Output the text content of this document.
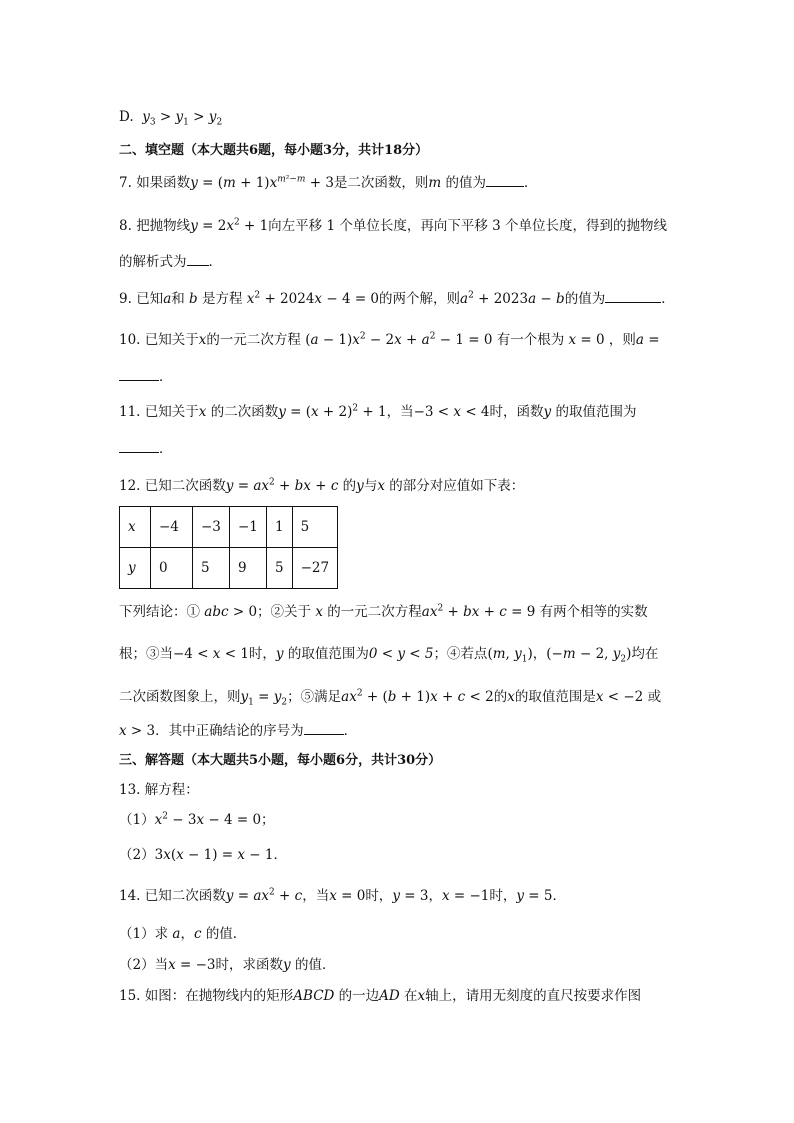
D. $y_3 > y_1 > y_2$
二、填空题（本大题共6题，每小题3分，共计18分）
7. 如果函数$y = (m + 1)x^{m^2-m} + 3$是二次函数，则m 的值为	．
8. 把抛物线$y = 2x^2 + 1$向左平移 1 个单位长度，再向下平移 3 个单位长度，得到的抛物线
的解析式为 ．
9. 已知a和 b 是方程 $x^2 + 2024x - 4 = 0$的两个解，则$a^2 + 2023a - b$的值为	．
10. 已知关于x的一元二次方程 $(a - 1)x^2 - 2x + a^2 - 1 = 0$ 有一个根为 x = 0 ，则a =
．
11. 已知关于x 的二次函数$y = (x + 2)^2 + 1$，当−3 < x < 4时，函数y 的取值范围为
．
12. 已知二次函数$y = ax^2$ + bx + c 的y与x 的部分对应值如下表：
x	−4	−3	−1	1	5
y	0	5	9	5	−27
下列结论：① abc > 0；②关于 x 的一元二次方程$ax^2$ + bx + c = 9 有两个相等的实数
根；③当−4 < x < 1时，y 的取值范围为0 < y < 5；④若点(m, $y_1$)，(−m − 2, $y_2$)均在
二次函数图象上，则$y_1 = y_2$；⑤满足$ax^2 + (b + 1)x + c < 2$的x的取值范围是x < −2 或
x > 3．其中正确结论的序号为	．
三、解答题（本大题共5小题，每小题6分，共计30分）
13. 解方程：
$(1)x^2 - 3x - 4 = 0$；
（2）3x(x − 1) = x − 1．
14. 已知二次函数$y = ax^2 + c$，当x = 0时，y = 3，x = −1时，y = 5．
（1）求 a，c 的值．
（2）当x = −3时，求函数y 的值．
15. 如图：在抛物线内的矩形ABCD 的一边AD 在x轴上，请用无刻度的直尺按要求作图
